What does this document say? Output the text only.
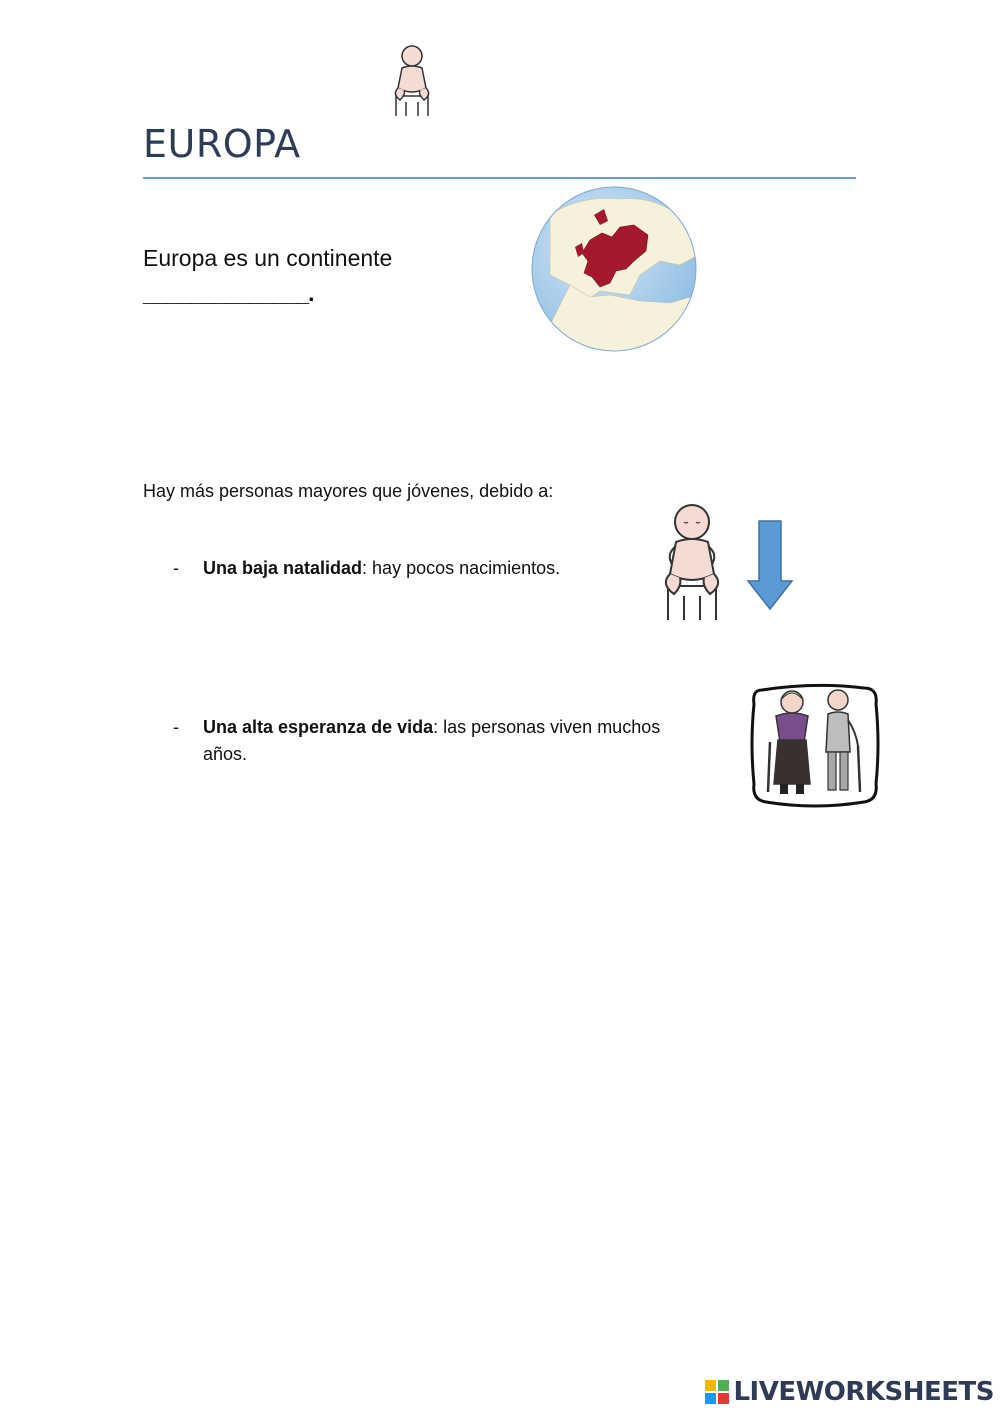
EUROPA
Europa es un continente
______________.
Hay más personas mayores que jóvenes, debido a:
- Una baja natalidad: hay pocos nacimientos.
- Una alta esperanza de vida: las personas viven muchos
años.
LIVEWORKSHEETS
